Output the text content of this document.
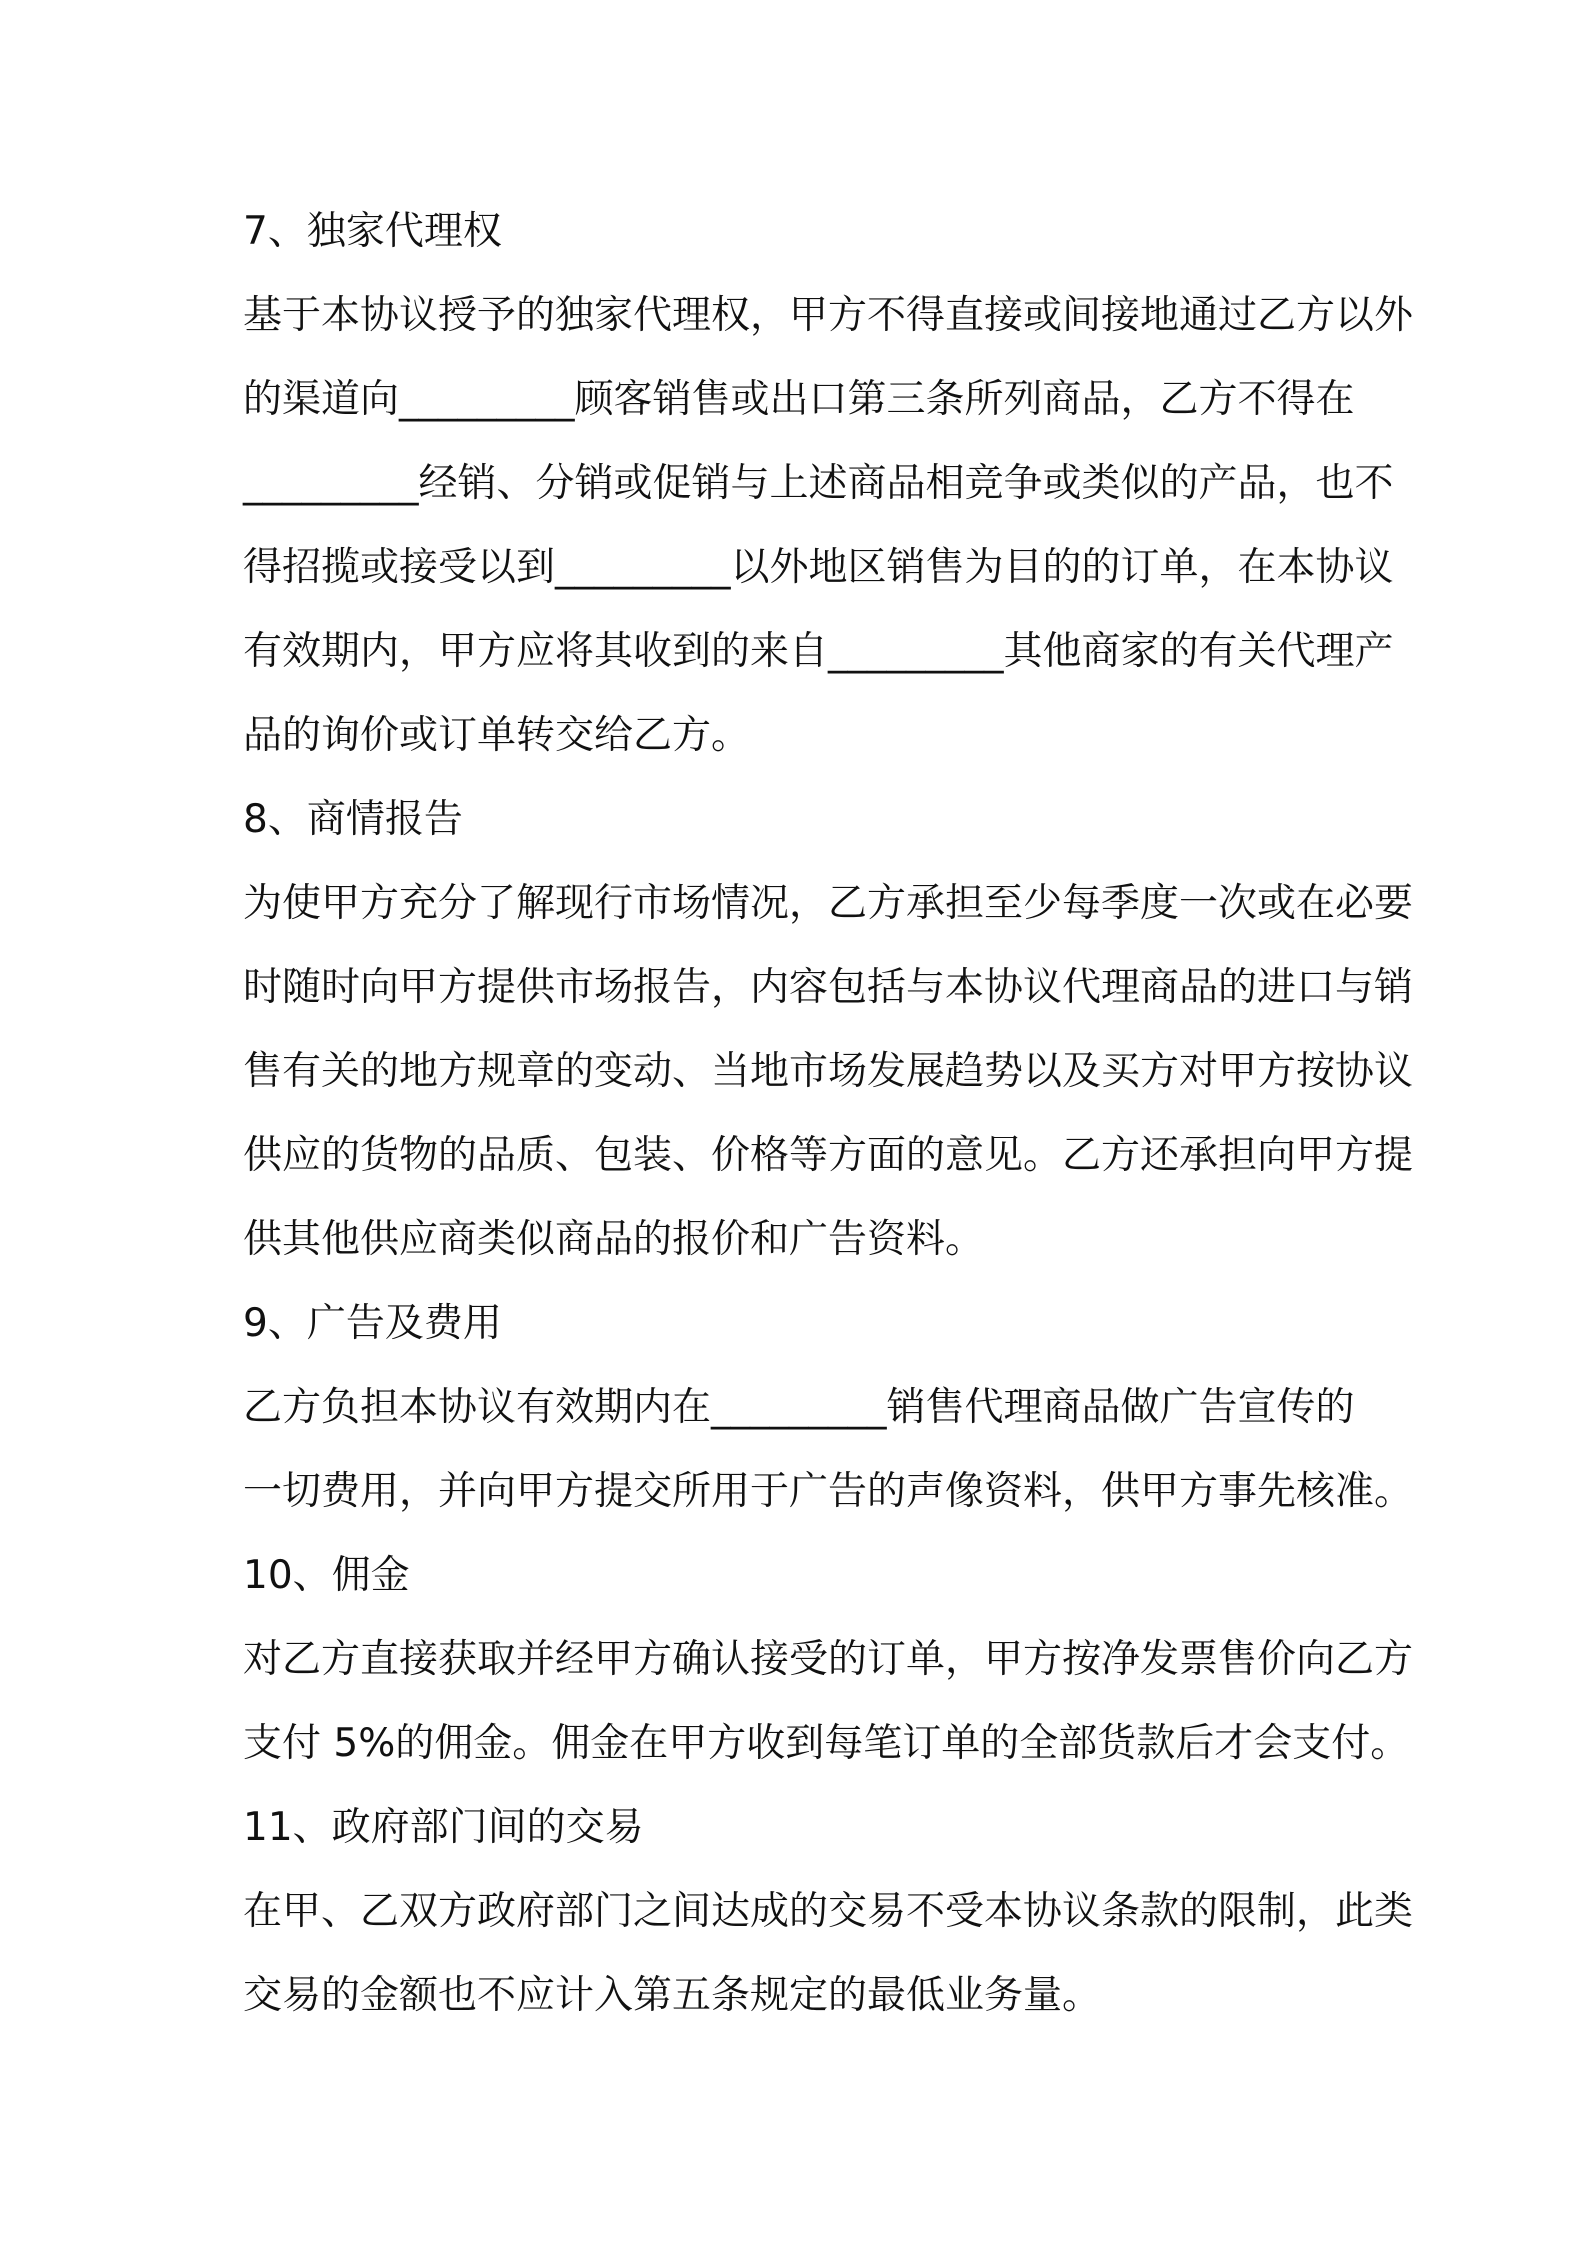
7、独家代理权
基于本协议授予的独家代理权，甲方不得直接或间接地通过乙方以外
的渠道向_________顾客销售或出口第三条所列商品，乙方不得在
_________经销、分销或促销与上述商品相竞争或类似的产品，也不
得招揽或接受以到_________以外地区销售为目的的订单，在本协议
有效期内，甲方应将其收到的来自_________其他商家的有关代理产
品的询价或订单转交给乙方。
8、商情报告
为使甲方充分了解现行市场情况，乙方承担至少每季度一次或在必要
时随时向甲方提供市场报告，内容包括与本协议代理商品的进口与销
售有关的地方规章的变动、当地市场发展趋势以及买方对甲方按协议
供应的货物的品质、包装、价格等方面的意见。乙方还承担向甲方提
供其他供应商类似商品的报价和广告资料。
9、广告及费用
乙方负担本协议有效期内在_________销售代理商品做广告宣传的
一切费用，并向甲方提交所用于广告的声像资料，供甲方事先核准。
10、佣金
对乙方直接获取并经甲方确认接受的订单，甲方按净发票售价向乙方
支付 5%的佣金。佣金在甲方收到每笔订单的全部货款后才会支付。
11、政府部门间的交易
在甲、乙双方政府部门之间达成的交易不受本协议条款的限制，此类
交易的金额也不应计入第五条规定的最低业务量。
